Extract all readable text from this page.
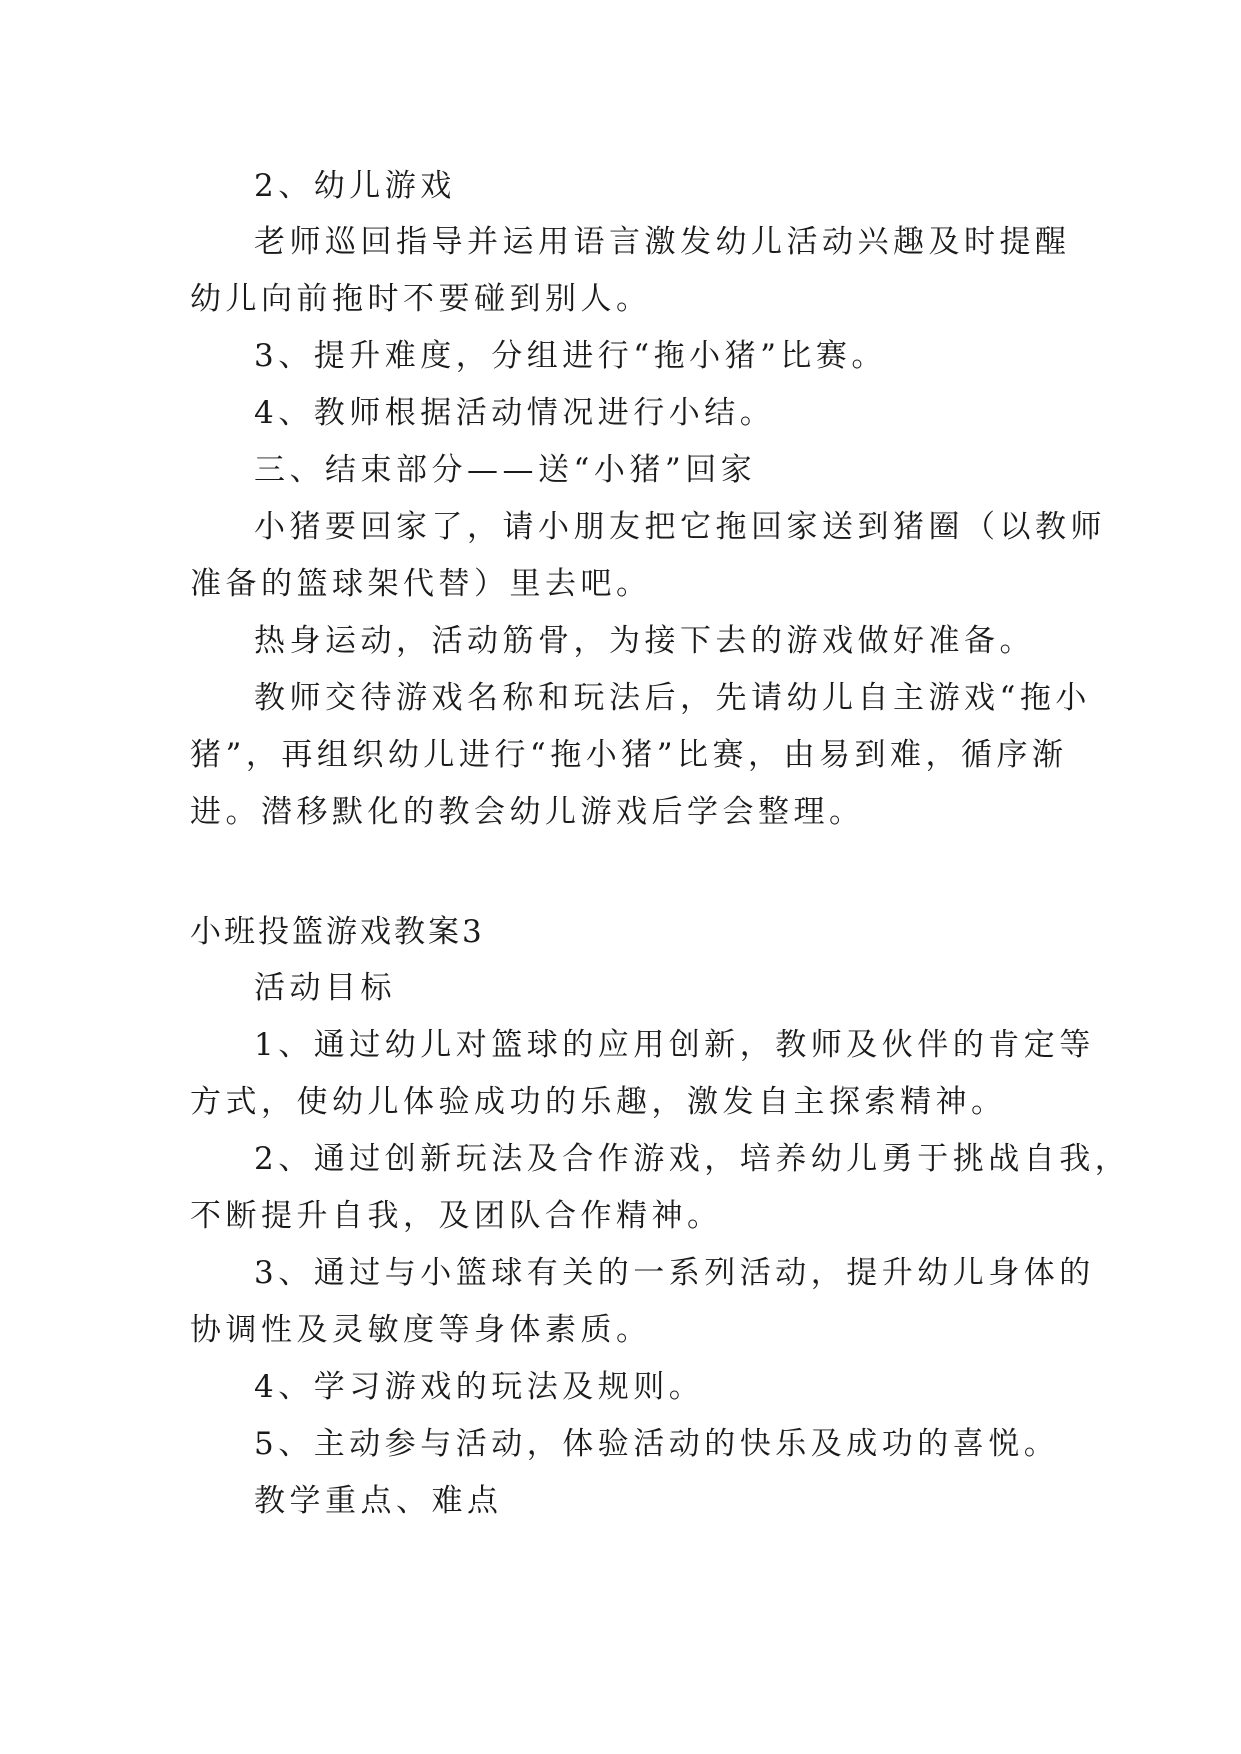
2、幼儿游戏
老师巡回指导并运用语言激发幼儿活动兴趣及时提醒
幼儿向前拖时不要碰到别人。
3、提升难度，分组进行“拖小猪”比赛。
4、教师根据活动情况进行小结。
三、结束部分——送“小猪”回家
小猪要回家了，请小朋友把它拖回家送到猪圈（以教师
准备的篮球架代替）里去吧。
热身运动，活动筋骨，为接下去的游戏做好准备。
教师交待游戏名称和玩法后，先请幼儿自主游戏“拖小
猪”，再组织幼儿进行“拖小猪”比赛，由易到难，循序渐
进。潜移默化的教会幼儿游戏后学会整理。
小班投篮游戏教案3
活动目标
1、通过幼儿对篮球的应用创新，教师及伙伴的肯定等
方式，使幼儿体验成功的乐趣，激发自主探索精神。
2、通过创新玩法及合作游戏，培养幼儿勇于挑战自我，
不断提升自我，及团队合作精神。
3、通过与小篮球有关的一系列活动，提升幼儿身体的
协调性及灵敏度等身体素质。
4、学习游戏的玩法及规则。
5、主动参与活动，体验活动的快乐及成功的喜悦。
教学重点、难点
